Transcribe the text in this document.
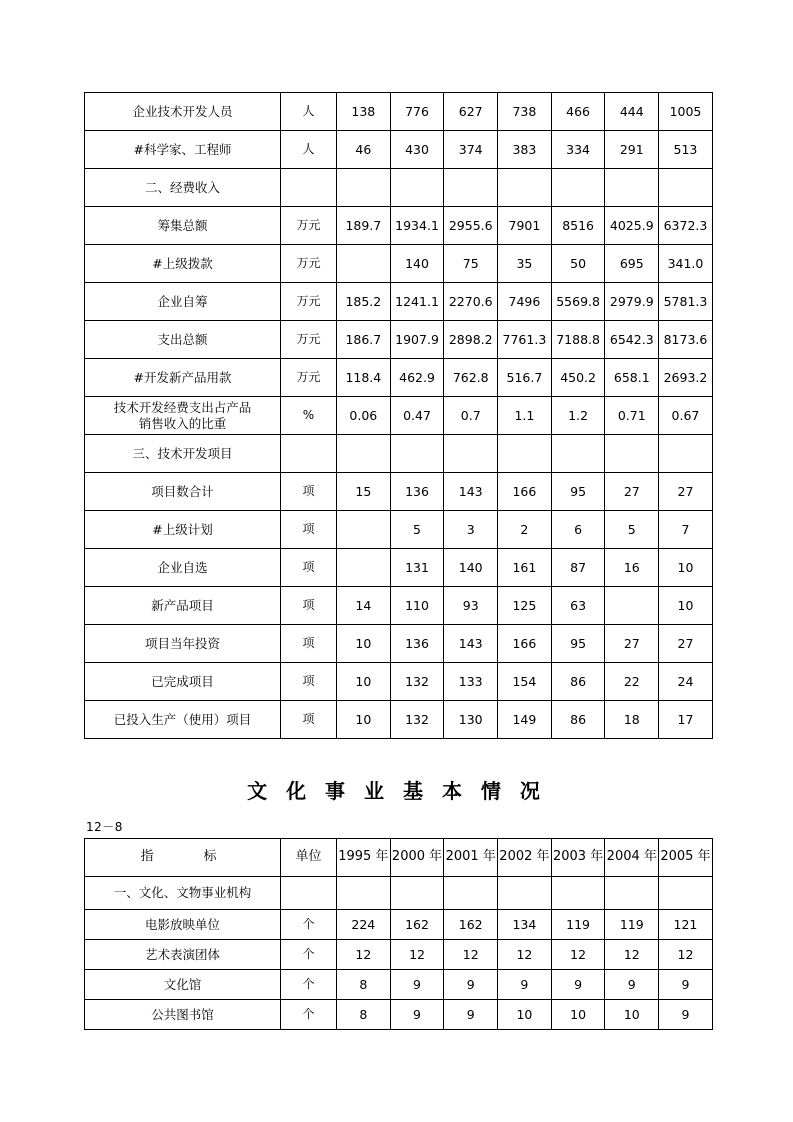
企业技术开发人员	人	138	776	627	738	466	444	1005
#科学家、工程师	人	46	430	374	383	334	291	513
二、经费收入								
筹集总额	万元	189.7	1934.1	2955.6	7901	8516	4025.9	6372.3
#上级拨款	万元		140	75	35	50	695	341.0
企业自筹	万元	185.2	1241.1	2270.6	7496	5569.8	2979.9	5781.3
支出总额	万元	186.7	1907.9	2898.2	7761.3	7188.8	6542.3	8173.6
#开发新产品用款	万元	118.4	462.9	762.8	516.7	450.2	658.1	2693.2

技术开发经费支出占产品
销售收入的比重	%	0.06	0.47	0.7	1.1	1.2	0.71	0.67
三、技术开发项目								
项目数合计	项	15	136	143	166	95	27	27
#上级计划	项		5	3	2	6	5	7
企业自选	项		131	140	161	87	16	10
新产品项目	项	14	110	93	125	63		10
项目当年投资	项	10	136	143	166	95	27	27
已完成项目	项	10	132	133	154	86	22	24
已投入生产（使用）项目	项	10	132	130	149	86	18	17
文 化 事 业 基 本 情 况
12－8
指　　标	单位	1995 年	2000 年	2001 年	2002 年	2003 年	2004 年	2005 年
一、文化、文物事业机构								
电影放映单位	个	224	162	162	134	119	119	121
艺术表演团体	个	12	12	12	12	12	12	12
文化馆	个	8	9	9	9	9	9	9
公共图书馆	个	8	9	9	10	10	10	9
